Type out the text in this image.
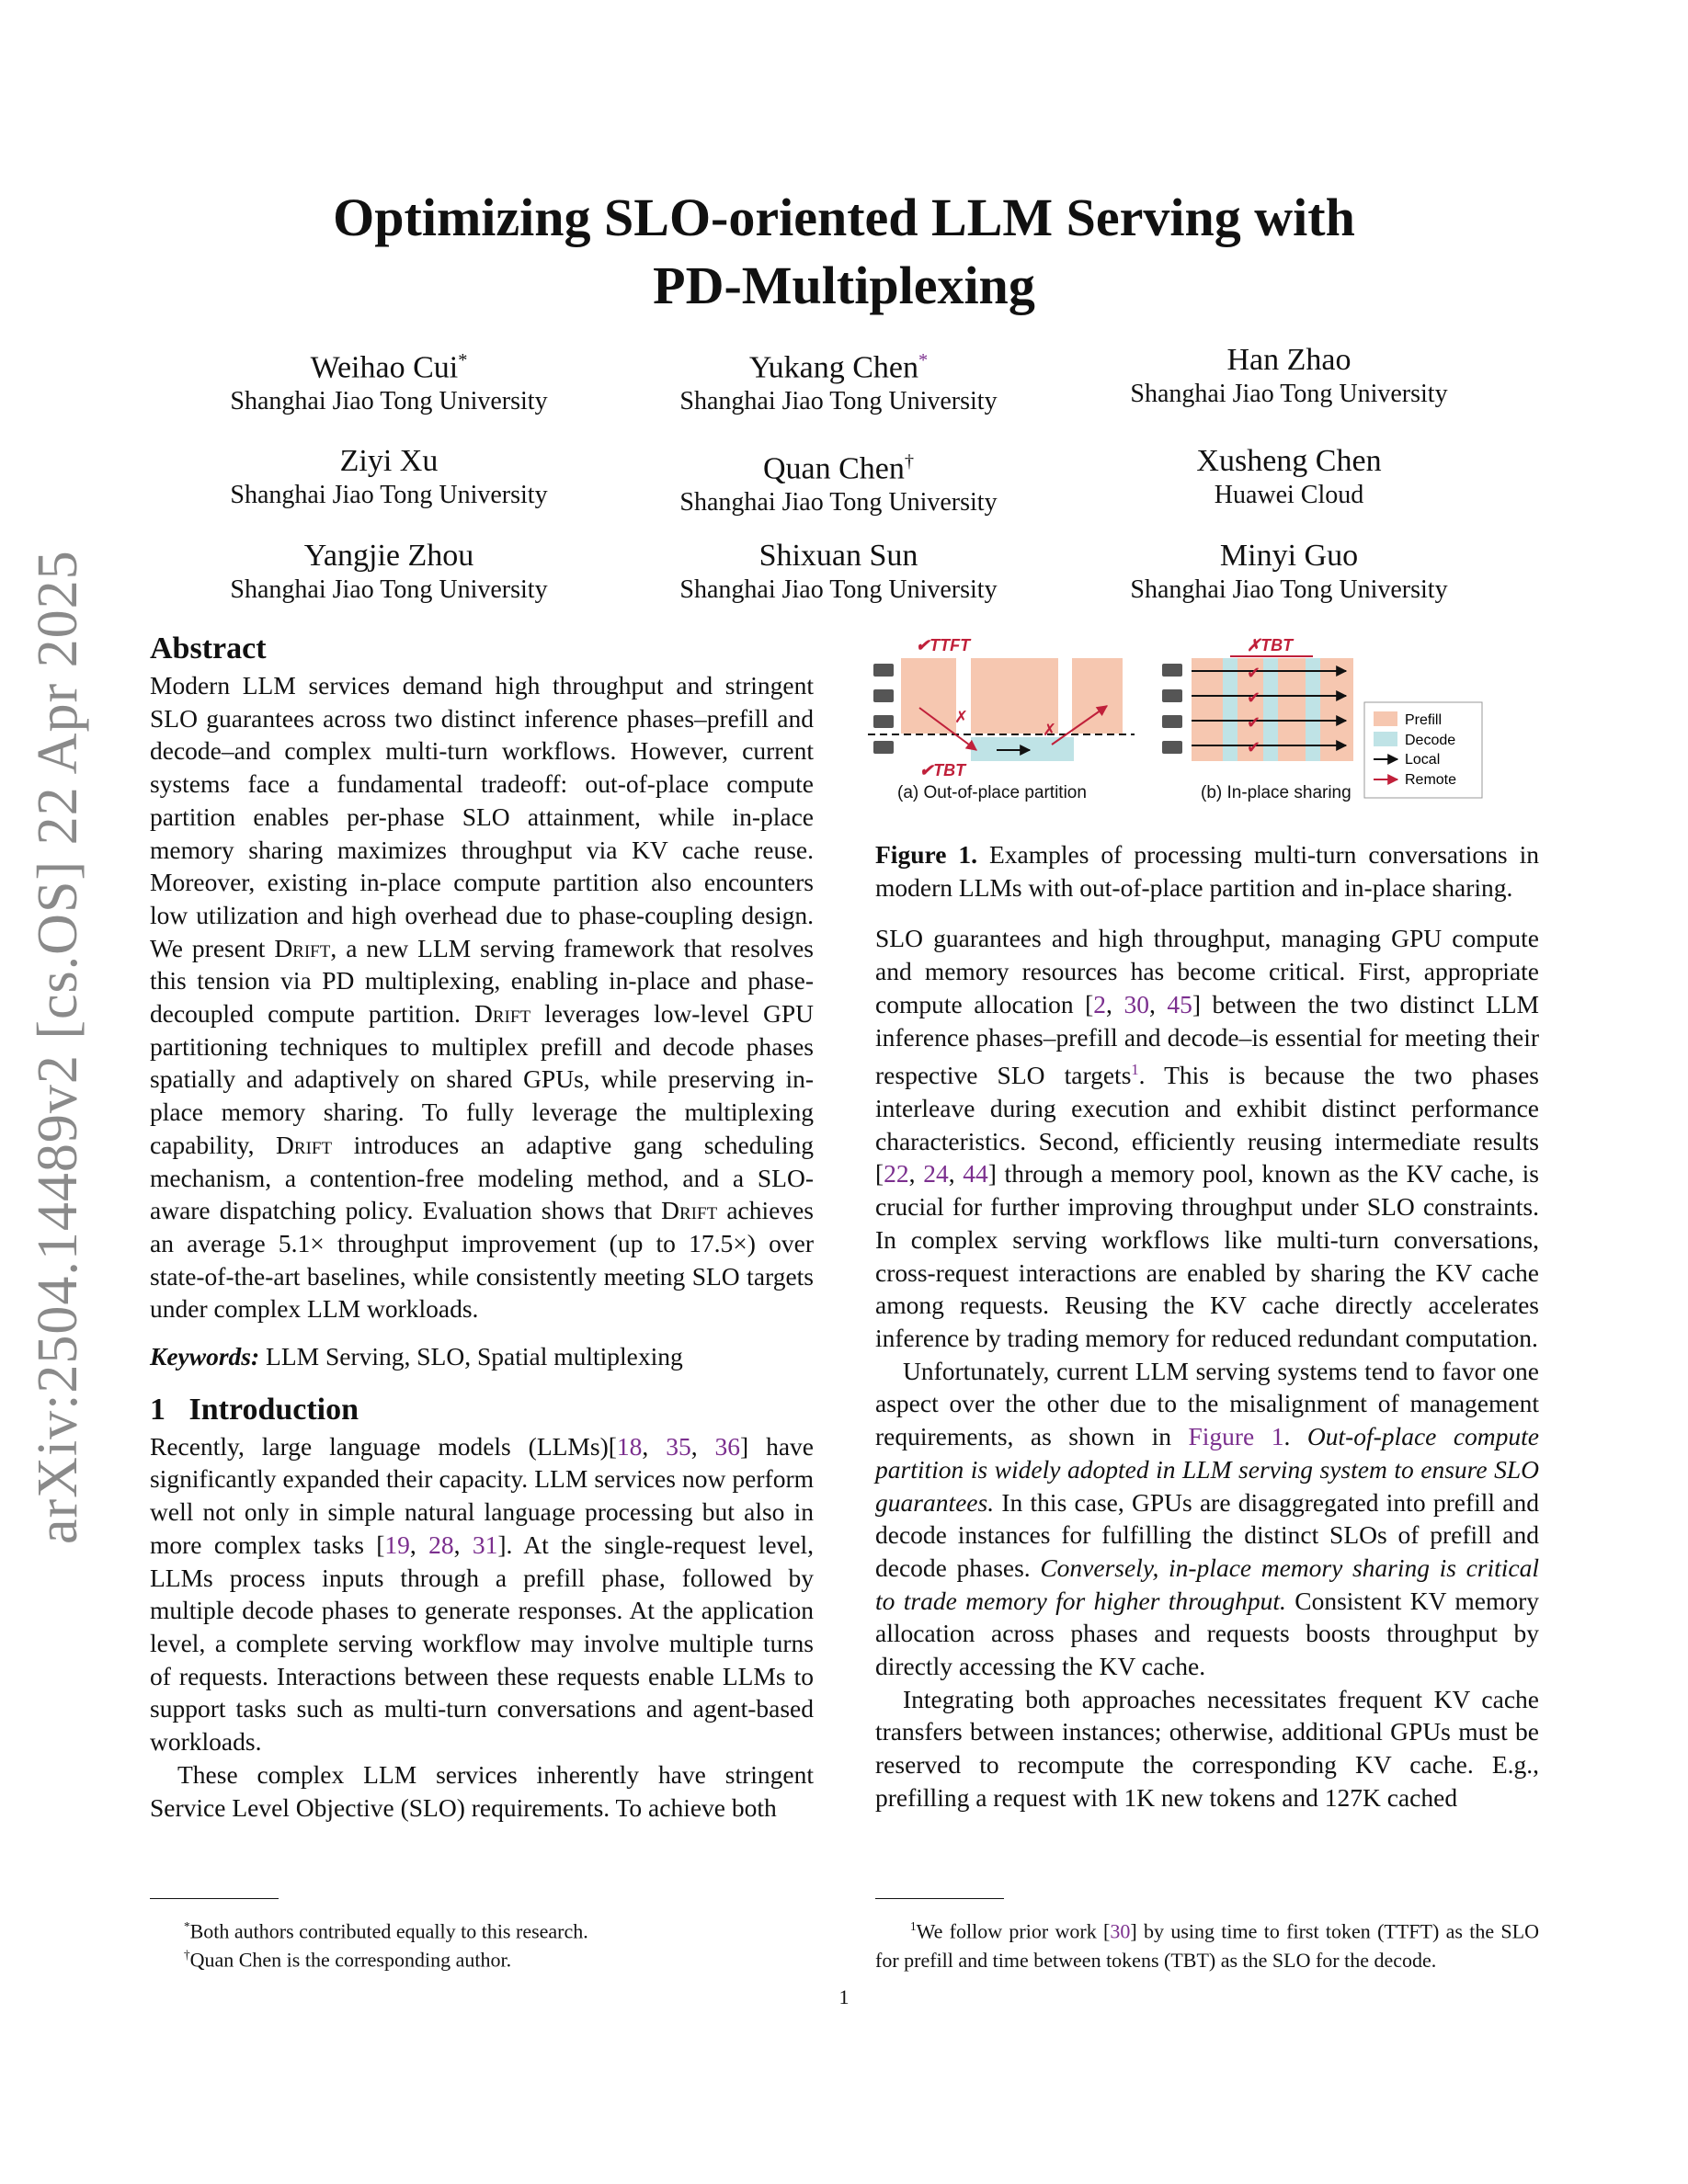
arXiv:2504.14489v2 [cs.OS] 22 Apr 2025
Optimizing SLO-oriented LLM Serving with
PD-Multiplexing
Weihao Cui*
Shanghai Jiao Tong University
Yukang Chen*
Shanghai Jiao Tong University
Han Zhao
Shanghai Jiao Tong University
Ziyi Xu
Shanghai Jiao Tong University
Quan Chen†
Shanghai Jiao Tong University
Xusheng Chen
Huawei Cloud
Yangjie Zhou
Shanghai Jiao Tong University
Shixuan Sun
Shanghai Jiao Tong University
Minyi Guo
Shanghai Jiao Tong University
Abstract

Modern LLM services demand high throughput and stringent SLO guarantees across two distinct inference phases–prefill and decode–and complex multi-turn workflows. However, current systems face a fundamental tradeoff: out-of-place compute partition enables per-phase SLO attainment, while in-place memory sharing maximizes throughput via KV cache reuse. Moreover, existing in-place compute partition also encounters low utilization and high overhead due to phase-coupling design. We present Drift, a new LLM serving framework that resolves this tension via PD multiplexing, enabling in-place and phase-decoupled compute partition. Drift leverages low-level GPU partitioning techniques to multiplex prefill and decode phases spatially and adaptively on shared GPUs, while preserving in-place memory sharing. To fully leverage the multiplexing capability, Drift introduces an adaptive gang scheduling mechanism, a contention-free modeling method, and a SLO-aware dispatching policy. Evaluation shows that Drift achieves an average 5.1× throughput improvement (up to 17.5×) over state-of-the-art baselines, while consistently meeting SLO targets under complex LLM workloads.

Keywords: LLM Serving, SLO, Spatial multiplexing

1 Introduction

Recently, large language models (LLMs)[18, 35, 36] have significantly expanded their capacity. LLM services now perform well not only in simple natural language processing but also in more complex tasks [19, 28, 31]. At the single-request level, LLMs process inputs through a prefill phase, followed by multiple decode phases to generate responses. At the application level, a complete serving workflow may involve multiple turns of requests. Interactions between these requests enable LLMs to support tasks such as multi-turn conversations and agent-based workloads.

These complex LLM services inherently have stringent Service Level Objective (SLO) requirements. To achieve both

*Both authors contributed equally to this research.
†Quan Chen is the corresponding author.
✗
✗
✔TTFT
✔TBT
✔
✔
✔
✔
✗TBT
Prefill
Decode
Local
Remote
(a) Out-of-place partition	(b) In-place sharing

Figure 1. Examples of processing multi-turn conversations in modern LLMs with out-of-place partition and in-place sharing.

SLO guarantees and high throughput, managing GPU compute and memory resources has become critical. First, appropriate compute allocation [2, 30, 45] between the two distinct LLM inference phases–prefill and decode–is essential for meeting their respective SLO targets$^1$. This is because the two phases interleave during execution and exhibit distinct performance characteristics. Second, efficiently reusing intermediate results [22, 24, 44] through a memory pool, known as the KV cache, is crucial for further improving throughput under SLO constraints. In complex serving workflows like multi-turn conversations, cross-request interactions are enabled by sharing the KV cache among requests. Reusing the KV cache directly accelerates inference by trading memory for reduced redundant computation.

Unfortunately, current LLM serving systems tend to favor one aspect over the other due to the misalignment of management requirements, as shown in Figure 1. Out-of-place compute partition is widely adopted in LLM serving system to ensure SLO guarantees. In this case, GPUs are disaggregated into prefill and decode instances for fulfilling the distinct SLOs of prefill and decode phases. Conversely, in-place memory sharing is critical to trade memory for higher throughput. Consistent KV memory allocation across phases and requests boosts throughput by directly accessing the KV cache.

Integrating both approaches necessitates frequent KV cache transfers between instances; otherwise, additional GPUs must be reserved to recompute the corresponding KV cache. E.g., prefilling a request with 1K new tokens and 127K cached

$^1$We follow prior work [30] by using time to first token (TTFT) as the SLO for prefill and time between tokens (TBT) as the SLO for the decode.
1
